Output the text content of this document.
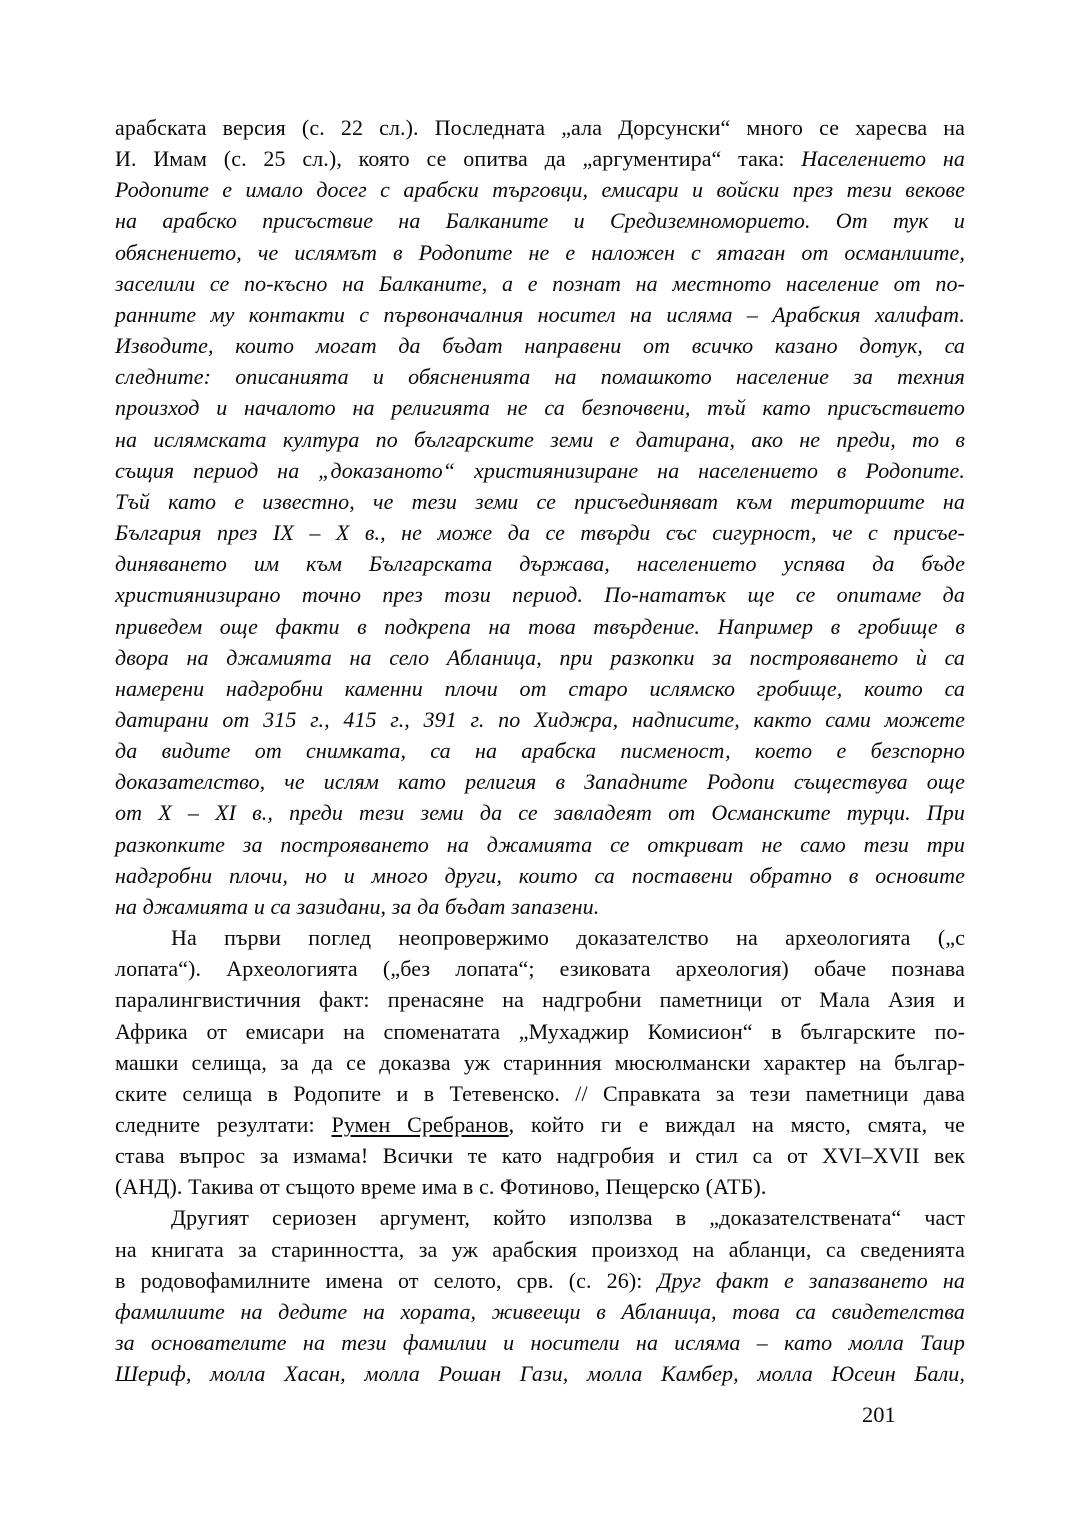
арабската версия (с. 22 сл.). Последната „ала Дорсунски“ много се харесва на
И. Имам (с. 25 сл.), която се опитва да „аргументира“ така: Населението на
Родопите е имало досег с арабски търговци, емисари и войски през тези векове
на арабско присъствие на Балканите и Средиземноморието. От тук и
обяснението, че ислямът в Родопите не е наложен с ятаган от османлиите,
заселили се по-късно на Балканите, а е познат на местното население от по-
ранните му контакти с първоначалния носител на исляма – Арабския халифат.
Изводите, които могат да бъдат направени от всичко казано дотук, са
следните: описанията и обясненията на помашкото население за техния
произход и началото на религията не са безпочвени, тъй като присъствието
на ислямската култура по българските земи е датирана, ако не преди, то в
същия период на „доказаното“ християнизиране на населението в Родопите.
Тъй като е известно, че тези земи се присъединяват към териториите на
България през IX – X в., не може да се твърди със сигурност, че с присъе-
диняването им към Българската държава, населението успява да бъде
християнизирано точно през този период. По-нататък ще се опитаме да
приведем още факти в подкрепа на това твърдение. Например в гробище в
двора на джамията на село Абланица, при разкопки за построяването ѝ са
намерени надгробни каменни плочи от старо ислямско гробище, които са
датирани от 315 г., 415 г., 391 г. по Хиджра, надписите, както сами можете
да видите от снимката, са на арабска писменост, което е безспорно
доказателство, че ислям като религия в Западните Родопи съществува още
от X – XI в., преди тези земи да се завладеят от Османските турци. При
разкопките за построяването на джамията се откриват не само тези три
надгробни плочи, но и много други, които са поставени обратно в основите
на джамията и са зазидани, за да бъдат запазени.
На първи поглед неопровержимо доказателство на археологията („с
лопата“). Археологията („без лопата“; езиковата археология) обаче познава
паралингвистичния факт: пренасяне на надгробни паметници от Мала Азия и
Африка от емисари на споменатата „Мухаджир Комисион“ в българските по-
машки селища, за да се доказва уж старинния мюсюлмански характер на българ-
ските селища в Родопите и в Тетевенско. // Справката за тези паметници дава
следните резултати: Румен Сребранов, който ги е виждал на място, смята, че
става въпрос за измама! Всички те като надгробия и стил са от XVI–XVII век
(АНД). Такива от същото време има в с. Фотиново, Пещерско (АТБ).
Другият сериозен аргумент, който използва в „доказателствената“ част
на книгата за старинността, за уж арабския произход на абланци, са сведенията
в родовофамилните имена от селото, срв. (с. 26): Друг факт е запазването на
фамилиите на дедите на хората, живеещи в Абланица, това са свидетелства
за основателите на тези фамилии и носители на исляма – като молла Таир
Шериф, молла Хасан, молла Рошан Гази, молла Камбер, молла Юсеин Бали,
201
